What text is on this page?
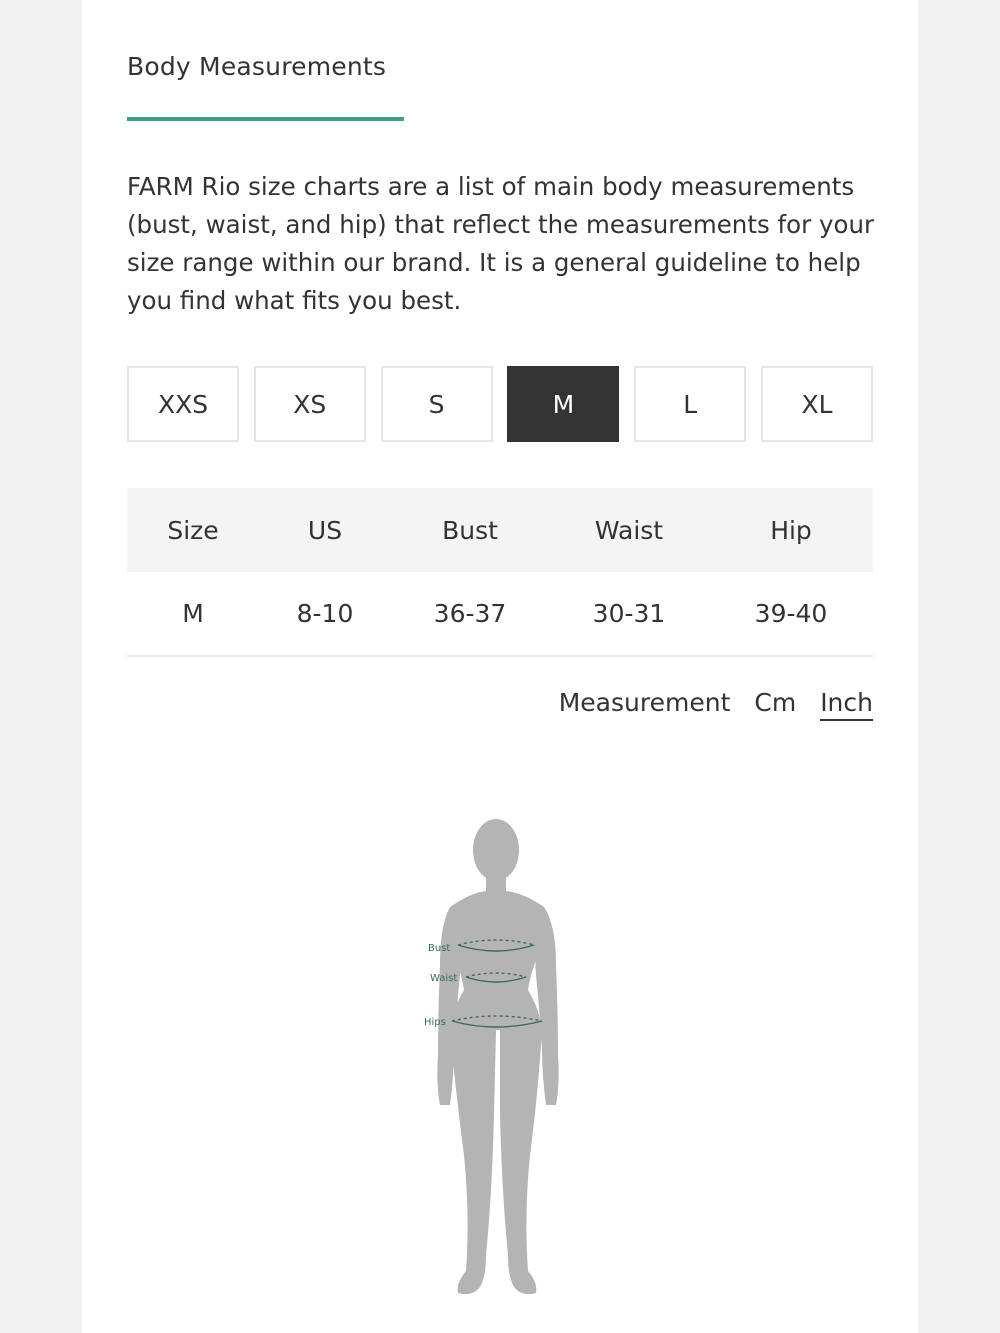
Body Measurements

FARM Rio size charts are a list of main body measurements (bust, waist, and hip) that reflect the measurements for your size range within our brand. It is a general guideline to help you find what fits you best.

XXS	XS	S	M	L	XL
Size	US	Bust	Waist	Hip
M	8-10	36-37	30-31	39-40
Measurement Cm Inch
Bust
Waist
Hips
